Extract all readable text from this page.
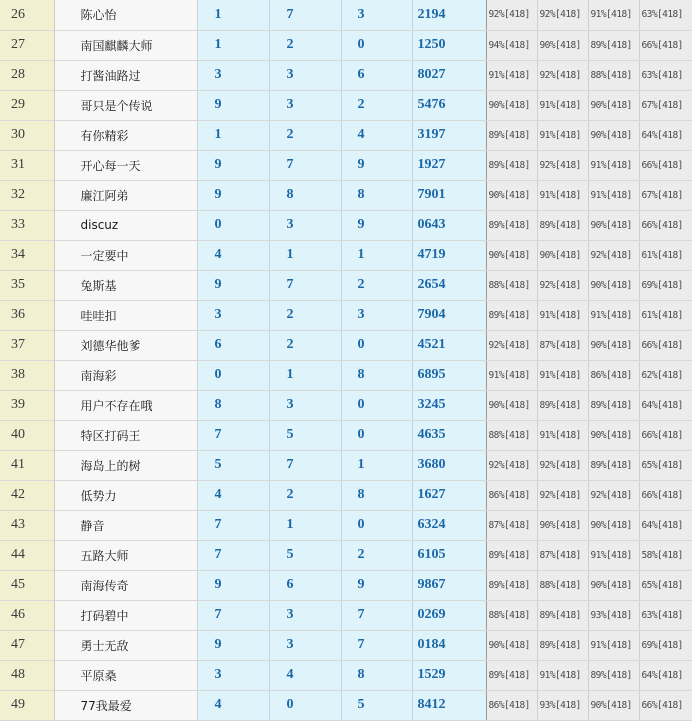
26	陈心怡	1	7	3	2194	92%[418]	92%[418]	91%[418]	63%[418]
27	南国麒麟大师	1	2	0	1250	94%[418]	90%[418]	89%[418]	66%[418]
28	打酱油路过	3	3	6	8027	91%[418]	92%[418]	88%[418]	63%[418]
29	哥只是个传说	9	3	2	5476	90%[418]	91%[418]	90%[418]	67%[418]
30	有你精彩	1	2	4	3197	89%[418]	91%[418]	90%[418]	64%[418]
31	开心每一天	9	7	9	1927	89%[418]	92%[418]	91%[418]	66%[418]
32	廉江阿弟	9	8	8	7901	90%[418]	91%[418]	91%[418]	67%[418]
33	discuz	0	3	9	0643	89%[418]	89%[418]	90%[418]	66%[418]
34	一定要中	4	1	1	4719	90%[418]	90%[418]	92%[418]	61%[418]
35	兔斯基	9	7	2	2654	88%[418]	92%[418]	90%[418]	69%[418]
36	哇哇扣	3	2	3	7904	89%[418]	91%[418]	91%[418]	61%[418]
37	刘德华他爹	6	2	0	4521	92%[418]	87%[418]	90%[418]	66%[418]
38	南海彩	0	1	8	6895	91%[418]	91%[418]	86%[418]	62%[418]
39	用户不存在哦	8	3	0	3245	90%[418]	89%[418]	89%[418]	64%[418]
40	特区打码王	7	5	0	4635	88%[418]	91%[418]	90%[418]	66%[418]
41	海岛上的树	5	7	1	3680	92%[418]	92%[418]	89%[418]	65%[418]
42	低势力	4	2	8	1627	86%[418]	92%[418]	92%[418]	66%[418]
43	静音	7	1	0	6324	87%[418]	90%[418]	90%[418]	64%[418]
44	五路大师	7	5	2	6105	89%[418]	87%[418]	91%[418]	58%[418]
45	南海传奇	9	6	9	9867	89%[418]	88%[418]	90%[418]	65%[418]
46	打码碧中	7	3	7	0269	88%[418]	89%[418]	93%[418]	63%[418]
47	勇士无敌	9	3	7	0184	90%[418]	89%[418]	91%[418]	69%[418]
48	平原桑	3	4	8	1529	89%[418]	91%[418]	89%[418]	64%[418]
49	77我最爱	4	0	5	8412	86%[418]	93%[418]	90%[418]	66%[418]
